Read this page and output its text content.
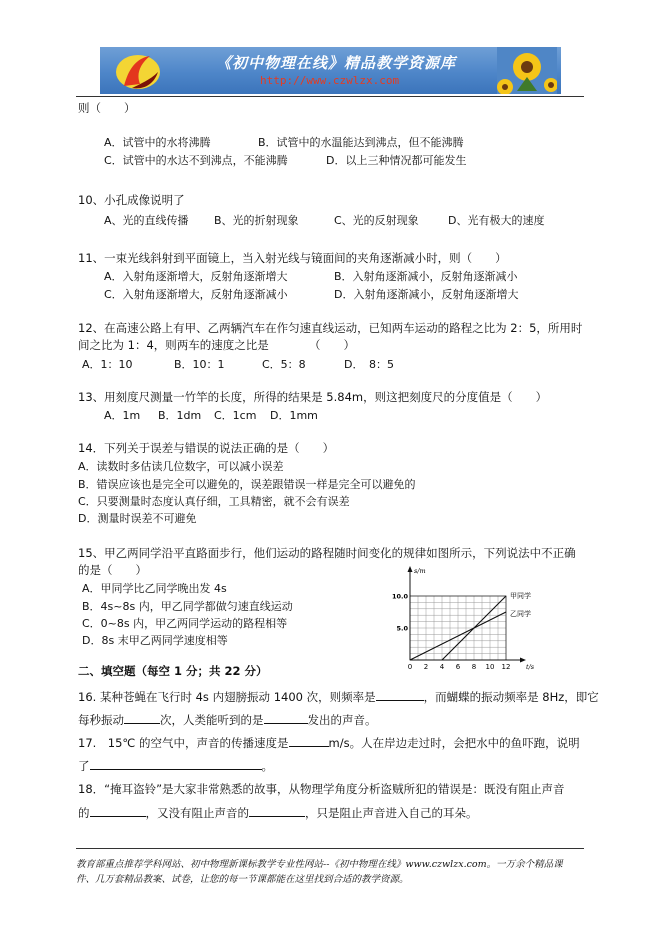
《初中物理在线》精品教学资源库
http://www.czwlzx.com
则（　　）
A．试管中的水将沸腾	B．试管中的水温能达到沸点，但不能沸腾
C．试管中的水达不到沸点，不能沸腾	D．以上三种情况都可能发生
10、小孔成像说明了
A、光的直线传播 B、光的折射现象	C、光的反射现象	D、光有极大的速度
11、一束光线斜射到平面镜上，当入射光线与镜面间的夹角逐渐减小时，则（　　）
A．入射角逐渐增大，反射角逐渐增大	B．入射角逐渐减小，反射角逐渐减小
C．入射角逐渐增大，反射角逐渐减小	D．入射角逐渐减小，反射角逐渐增大
12、在高速公路上有甲、乙两辆汽车在作匀速直线运动，已知两车运动的路程之比为 2：5，所用时
间之比为 1：4，则两车的速度之比是　　　　（　　）
A．1：10	B．10：1	C．5：8	D．　8：5
13、用刻度尺测量一竹竿的长度，所得的结果是 5.84m，则这把刻度尺的分度值是（　　）
A．1m B．1dm C．1cm D．1mm
14．下列关于误差与错误的说法正确的是（　　）
A．读数时多估读几位数字，可以减小误差
B．错误应该也是完全可以避免的，误差跟错误一样是完全可以避免的
C．只要测量时态度认真仔细，工具精密，就不会有误差
D．测量时误差不可避免
15、甲乙两同学沿平直路面步行，他们运动的路程随时间变化的规律如图所示，下列说法中不正确
的是（　　）
A．甲同学比乙同学晚出发 4s
B．4s~8s 内，甲乙同学都做匀速直线运动
C．0~8s 内，甲乙两同学运动的路程相等
D．8s 末甲乙两同学速度相等
s/m
t/s
0 2 4 6 8 10 12
5.0
10.0	甲同学
乙同学
二、填空题（每空 1 分；共 22 分）
16. 某种苍蝇在飞行时 4s 内翅膀振动 1400 次，则频率是	，而蝴蝶的振动频率是 8Hz，即它
每秒振动	次，人类能听到的是	发出的声音。
17.　15℃ 的空气中，声音的传播速度是	m/s。人在岸边走过时，会把水中的鱼吓跑，说明
了	。
18．“掩耳盗铃”是大家非常熟悉的故事，从物理学角度分析盗贼所犯的错误是：既没有阻止声音
的	，又没有阻止声音的	，只是阻止声音进入自己的耳朵。
教育部重点推荐学科网站、初中物理新课标教学专业性网站--《初中物理在线》www.czwlzx.com。一万余个精品课
件、几万套精品教案、试卷，让您的每一节课都能在这里找到合适的教学资源。
